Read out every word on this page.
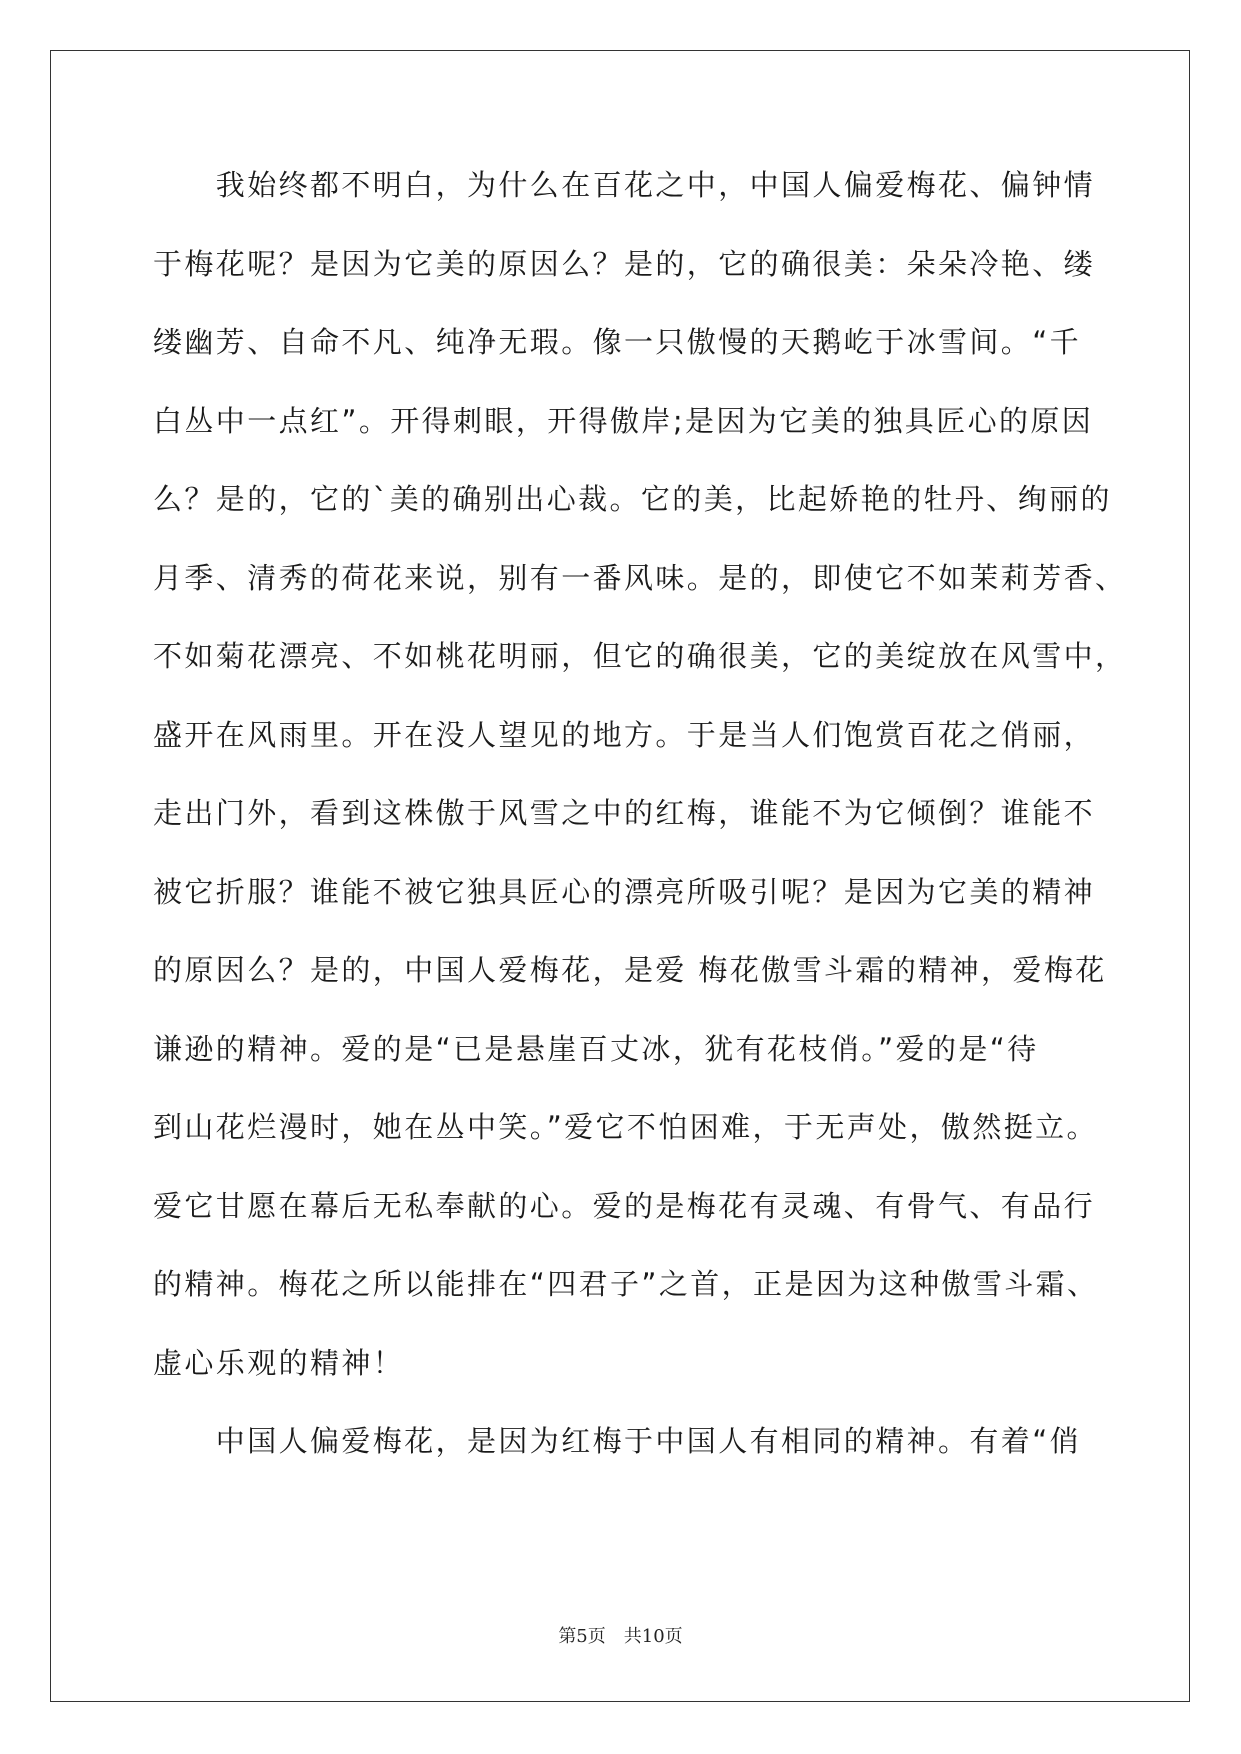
　　我始终都不明白，为什么在百花之中，中国人偏爱梅花、偏钟情
于梅花呢？是因为它美的原因么？是的，它的确很美：朵朵冷艳、缕
缕幽芳、自命不凡、纯净无瑕。像一只傲慢的天鹅屹于冰雪间。“千
白丛中一点红”。开得刺眼，开得傲岸;是因为它美的独具匠心的原因
么？是的，它的`美的确别出心裁。它的美，比起娇艳的牡丹、绚丽的
月季、清秀的荷花来说，别有一番风味。是的，即使它不如茉莉芳香、
不如菊花漂亮、不如桃花明丽，但它的确很美，它的美绽放在风雪中，
盛开在风雨里。开在没人望见的地方。于是当人们饱赏百花之俏丽，
走出门外，看到这株傲于风雪之中的红梅，谁能不为它倾倒？谁能不
被它折服？谁能不被它独具匠心的漂亮所吸引呢？是因为它美的精神
的原因么？是的，中国人爱梅花，是爱 梅花傲雪斗霜的精神，爱梅花
谦逊的精神。爱的是“已是悬崖百丈冰，犹有花枝俏。”爱的是“待
到山花烂漫时，她在丛中笑。”爱它不怕困难，于无声处，傲然挺立。
爱它甘愿在幕后无私奉献的心。爱的是梅花有灵魂、有骨气、有品行
的精神。梅花之所以能排在“四君子”之首，正是因为这种傲雪斗霜、
虚心乐观的精神！
　　中国人偏爱梅花，是因为红梅于中国人有相同的精神。有着“俏
第5页　共10页
